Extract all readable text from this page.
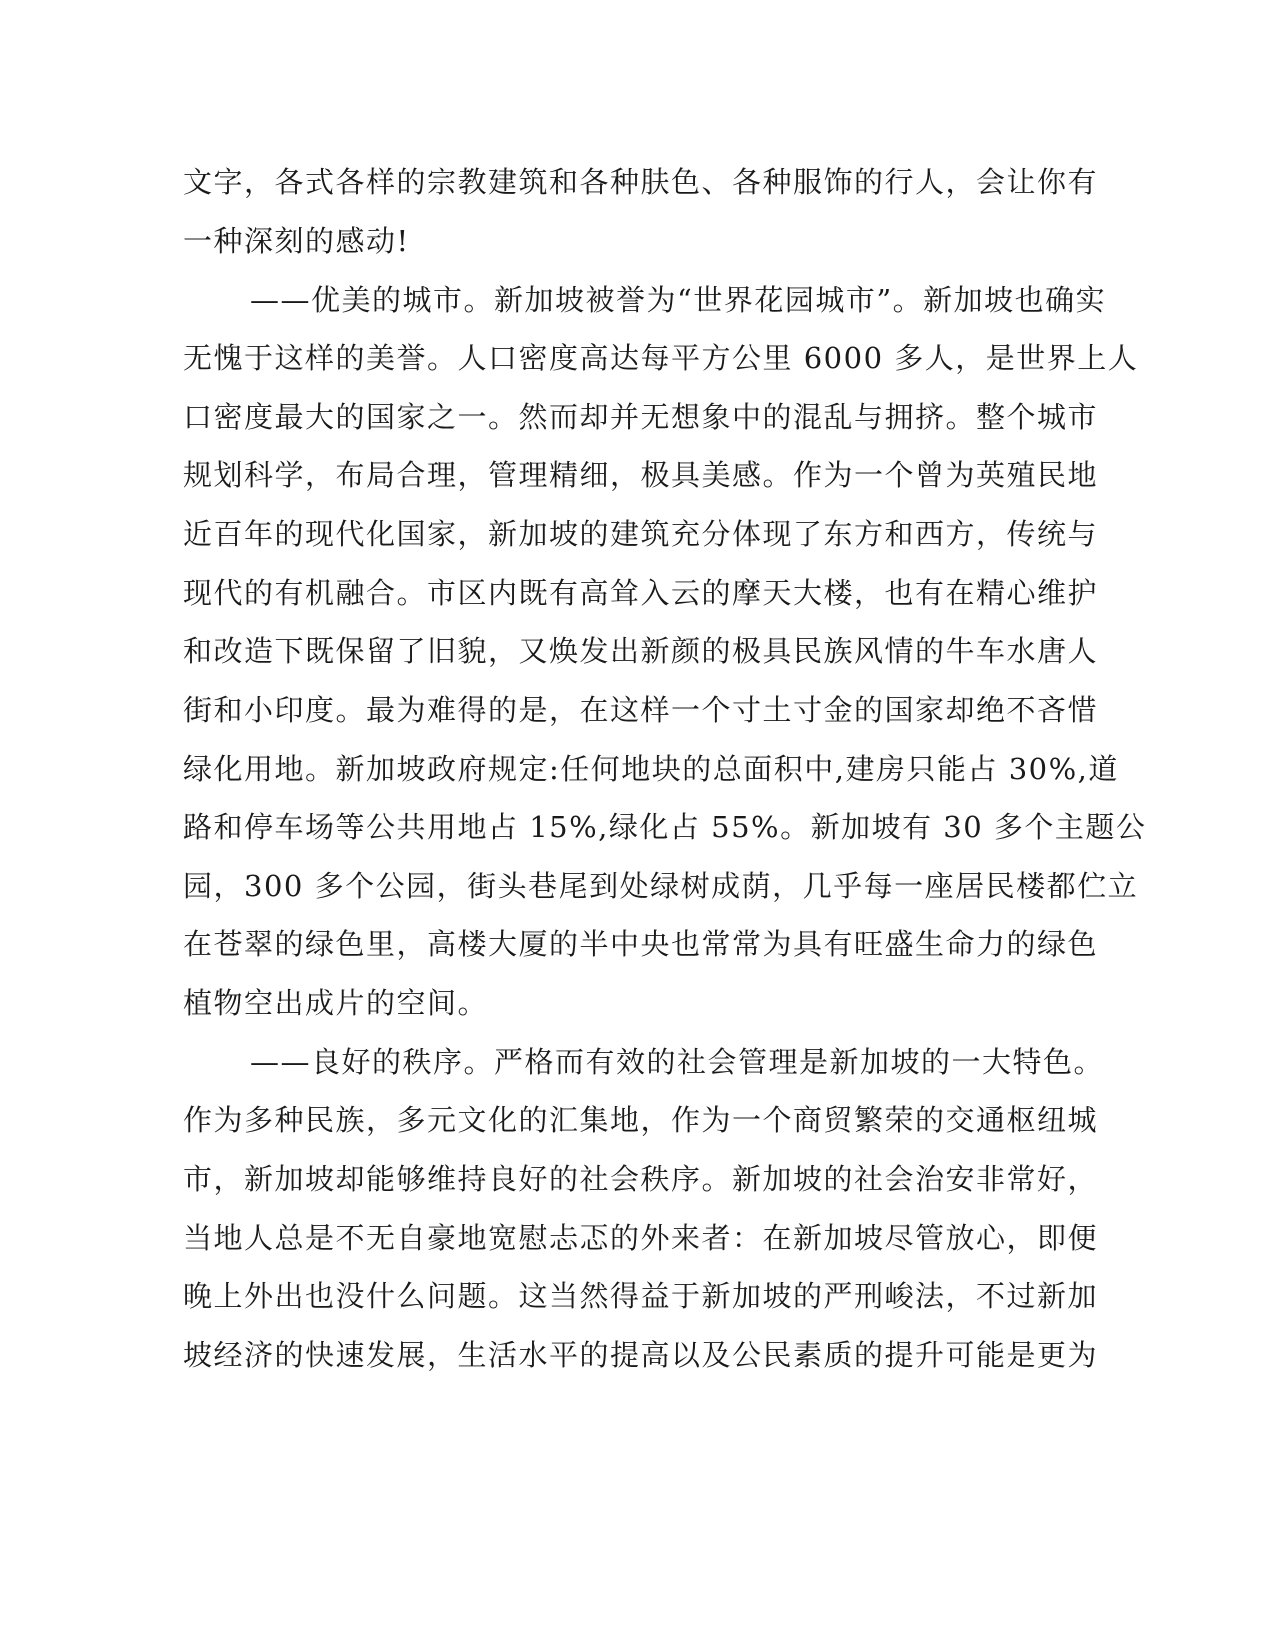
文字，各式各样的宗教建筑和各种肤色、各种服饰的行人，会让你有
一种深刻的感动!
——优美的城市。新加坡被誉为“世界花园城市”。新加坡也确实
无愧于这样的美誉。人口密度高达每平方公里 6000 多人，是世界上人
口密度最大的国家之一。然而却并无想象中的混乱与拥挤。整个城市
规划科学，布局合理，管理精细，极具美感。作为一个曾为英殖民地
近百年的现代化国家，新加坡的建筑充分体现了东方和西方，传统与
现代的有机融合。市区内既有高耸入云的摩天大楼，也有在精心维护
和改造下既保留了旧貌，又焕发出新颜的极具民族风情的牛车水唐人
街和小印度。最为难得的是，在这样一个寸土寸金的国家却绝不吝惜
绿化用地。新加坡政府规定:任何地块的总面积中,建房只能占 30%,道
路和停车场等公共用地占 15%,绿化占 55%。新加坡有 30 多个主题公
园，300 多个公园，街头巷尾到处绿树成荫，几乎每一座居民楼都伫立
在苍翠的绿色里，高楼大厦的半中央也常常为具有旺盛生命力的绿色
植物空出成片的空间。
——良好的秩序。严格而有效的社会管理是新加坡的一大特色。
作为多种民族，多元文化的汇集地，作为一个商贸繁荣的交通枢纽城
市，新加坡却能够维持良好的社会秩序。新加坡的社会治安非常好，
当地人总是不无自豪地宽慰忐忑的外来者：在新加坡尽管放心，即便
晚上外出也没什么问题。这当然得益于新加坡的严刑峻法，不过新加
坡经济的快速发展，生活水平的提高以及公民素质的提升可能是更为
